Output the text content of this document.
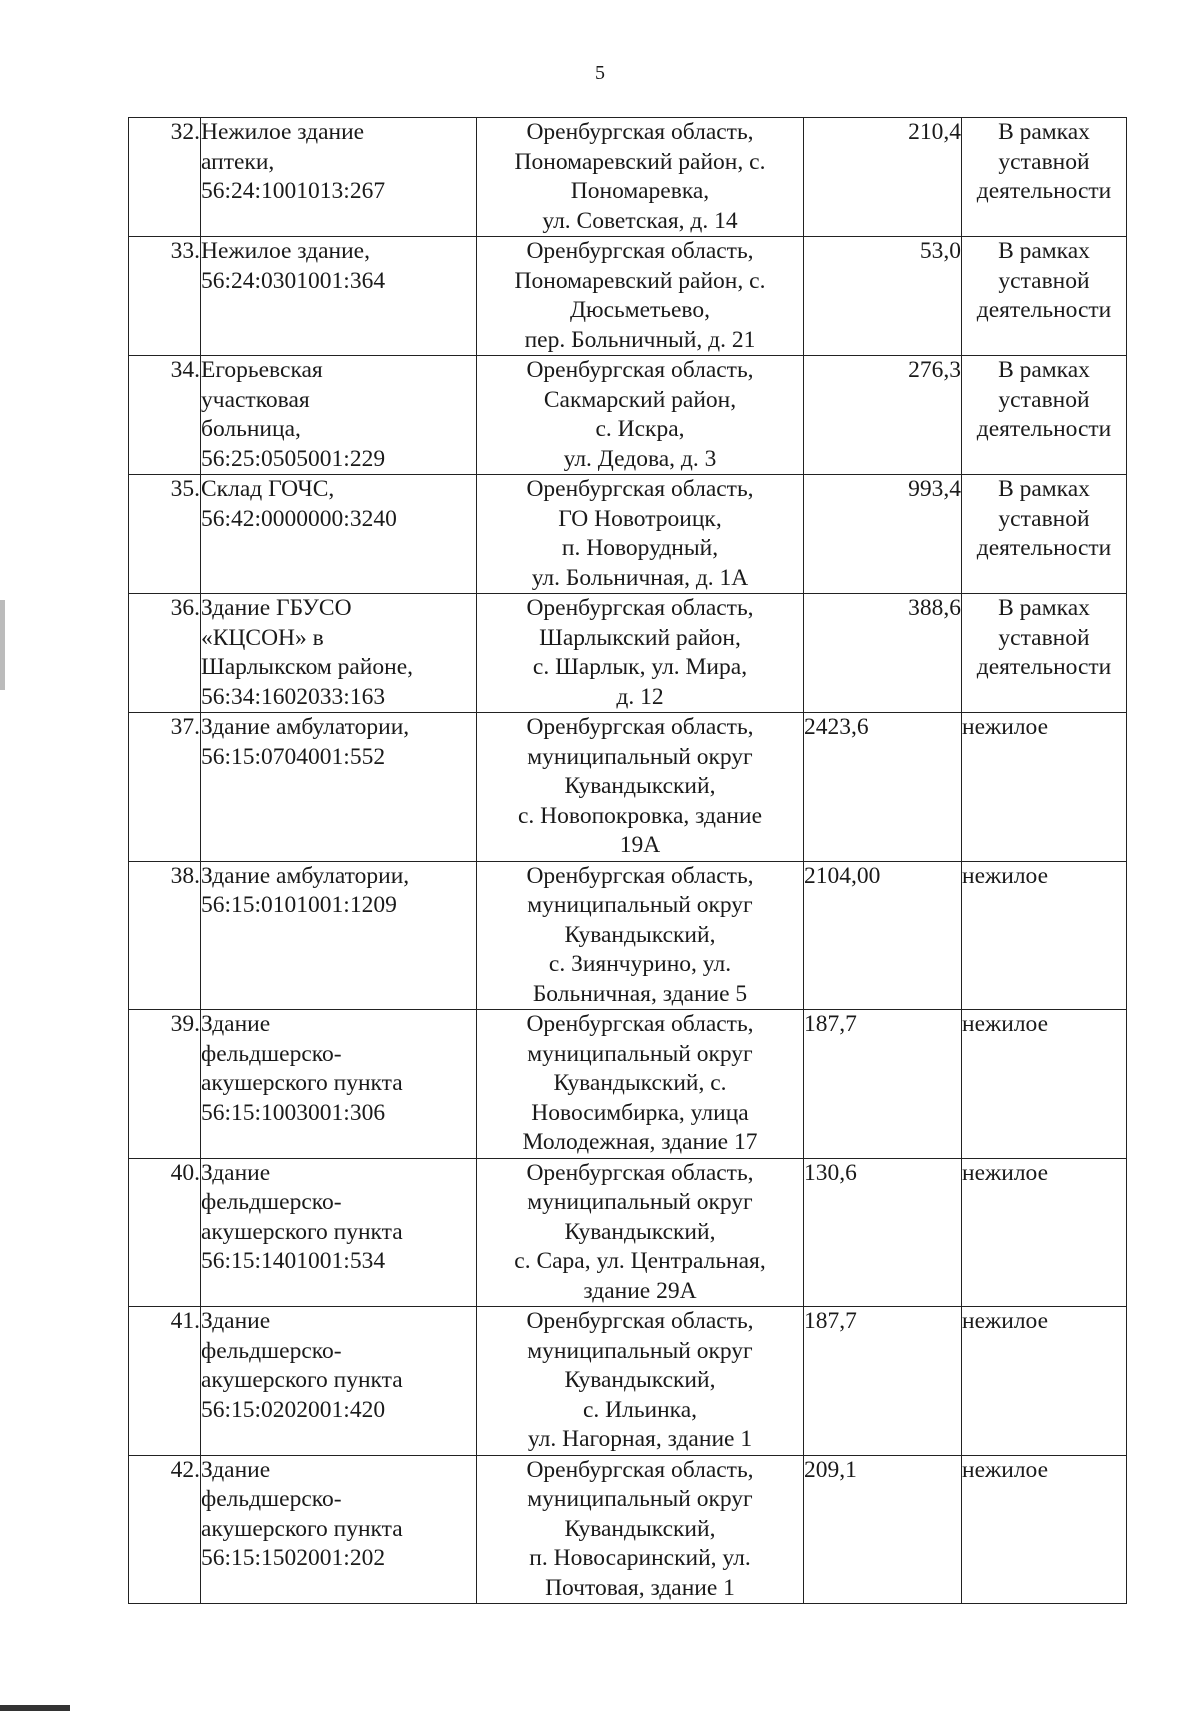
5
32.	Нежилое здание
аптеки,
56:24:1001013:267	Оренбургская область,
Пономаревский район, с.
Пономаревка,
ул. Советская, д. 14	210,4	В рамках
уставной
деятельности

33.	Нежилое здание,
56:24:0301001:364	Оренбургская область,
Пономаревский район, с.
Дюсьметьево,
пер. Больничный, д. 21	53,0	В рамках
уставной
деятельности

34.	Егорьевская
участковая
больница,
56:25:0505001:229	Оренбургская область,
Сакмарский район,
с. Искра,
ул. Дедова, д. 3	276,3	В рамках
уставной
деятельности

35.	Склад ГОЧС,
56:42:0000000:3240	Оренбургская область,
ГО Новотроицк,
п. Новорудный,
ул. Больничная, д. 1А	993,4	В рамках
уставной
деятельности

36.	Здание ГБУСО
«КЦСОН» в
Шарлыкском районе,
56:34:1602033:163	Оренбургская область,
Шарлыкский район,
с. Шарлык, ул. Мира,
д. 12	388,6	В рамках
уставной
деятельности

37.	Здание амбулатории,
56:15:0704001:552	Оренбургская область,
муниципальный округ
Кувандыкский,
с. Новопокровка, здание
19А	2423,6	нежилое

38.	Здание амбулатории,
56:15:0101001:1209	Оренбургская область,
муниципальный округ
Кувандыкский,
с. Зиянчурино, ул.
Больничная, здание 5	2104,00	нежилое

39.	Здание
фельдшерско-
акушерского пункта
56:15:1003001:306	Оренбургская область,
муниципальный округ
Кувандыкский, с.
Новосимбирка, улица
Молодежная, здание 17	187,7	нежилое

40.	Здание
фельдшерско-
акушерского пункта
56:15:1401001:534	Оренбургская область,
муниципальный округ
Кувандыкский,
с. Сара, ул. Центральная,
здание 29А	130,6	нежилое

41.	Здание
фельдшерско-
акушерского пункта
56:15:0202001:420	Оренбургская область,
муниципальный округ
Кувандыкский,
с. Ильинка,
ул. Нагорная, здание 1	187,7	нежилое

42.	Здание
фельдшерско-
акушерского пункта
56:15:1502001:202	Оренбургская область,
муниципальный округ
Кувандыкский,
п. Новосаринский, ул.
Почтовая, здание 1	209,1	нежилое
